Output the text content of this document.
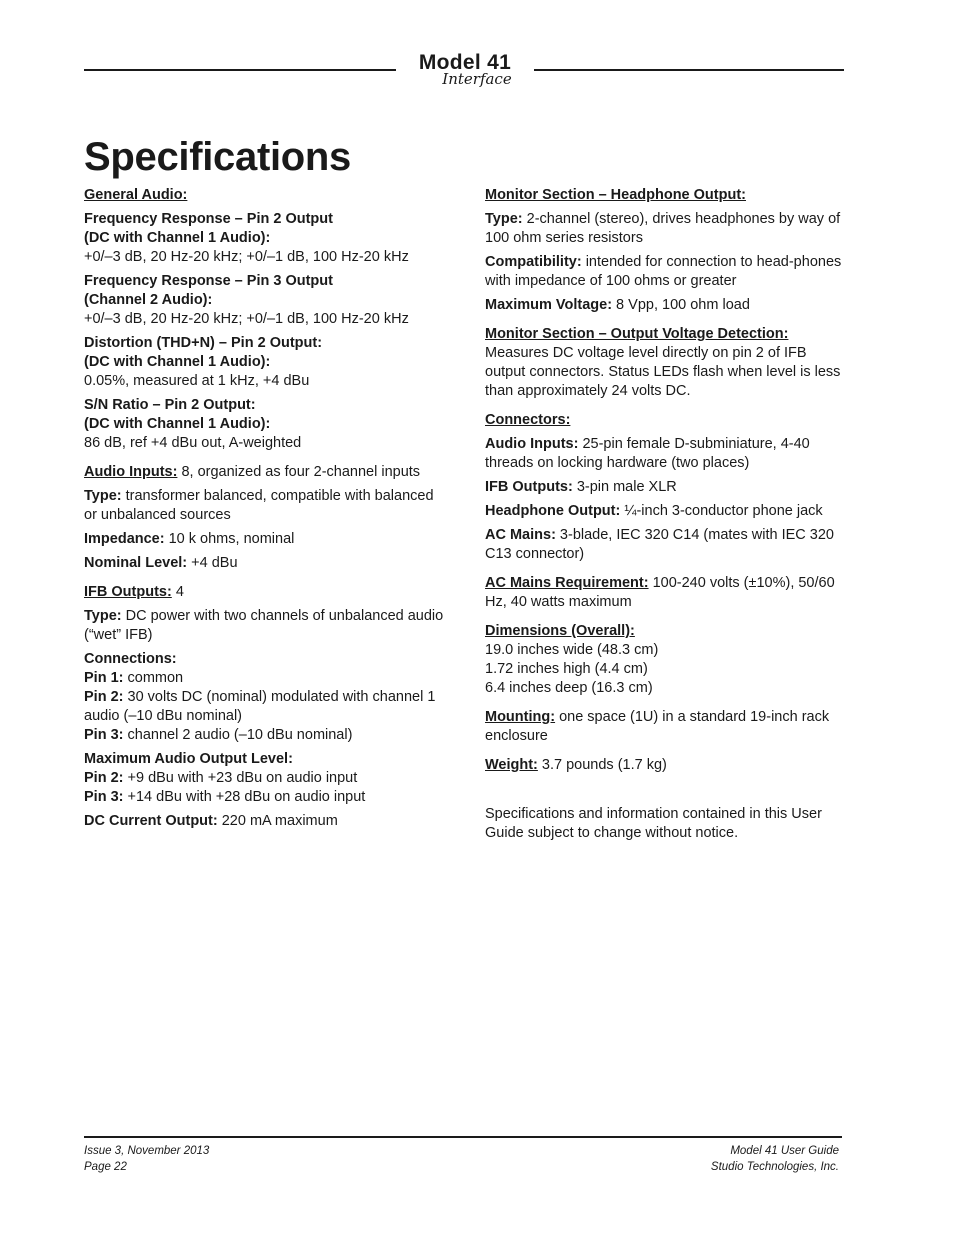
Model 41
Interface
Specifications

General Audio:

Frequency Response – Pin 2 Output
(DC with Channel 1 Audio):
+0/–3 dB, 20 Hz-20 kHz; +0/–1 dB, 100 Hz-20 kHz

Frequency Response – Pin 3 Output
(Channel 2 Audio):
+0/–3 dB, 20 Hz-20 kHz; +0/–1 dB, 100 Hz-20 kHz

Distortion (THD+N) – Pin 2 Output:
(DC with Channel 1 Audio):
0.05%, measured at 1 kHz, +4 dBu

S/N Ratio – Pin 2 Output:
(DC with Channel 1 Audio):
86 dB, ref +4 dBu out, A-weighted

Audio Inputs: 8, organized as four 2-channel inputs

Type: transformer balanced, compatible with balanced or unbalanced sources

Impedance: 10 k ohms, nominal

Nominal Level: +4 dBu

IFB Outputs: 4

Type: DC power with two channels of unbalanced audio (“wet” IFB)

Connections:
Pin 1: common
Pin 2: 30 volts DC (nominal) modulated with channel 1 audio (–10 dBu nominal)
Pin 3: channel 2 audio (–10 dBu nominal)

Maximum Audio Output Level:
Pin 2: +9 dBu with +23 dBu on audio input
Pin 3: +14 dBu with +28 dBu on audio input

DC Current Output: 220 mA maximum

Monitor Section – Headphone Output:

Type: 2-channel (stereo), drives headphones by way of 100 ohm series resistors

Compatibility: intended for connection to head-phones with impedance of 100 ohms or greater

Maximum Voltage: 8 Vpp, 100 ohm load

Monitor Section – Output Voltage Detection:
Measures DC voltage level directly on pin 2 of IFB output connectors. Status LEDs flash when level is less than approximately 24 volts DC.

Connectors:

Audio Inputs: 25-pin female D-subminiature, 4-40 threads on locking hardware (two places)

IFB Outputs: 3-pin male XLR

Headphone Output: ¼-inch 3-conductor phone jack

AC Mains: 3-blade, IEC 320 C14 (mates with IEC 320 C13 connector)

AC Mains Requirement: 100-240 volts (±10%), 50/60 Hz, 40 watts maximum

Dimensions (Overall):
19.0 inches wide (48.3 cm)
1.72 inches high (4.4 cm)
6.4 inches deep (16.3 cm)

Mounting: one space (1U) in a standard 19-inch rack enclosure

Weight: 3.7 pounds (1.7 kg)

Specifications and information contained in this User Guide subject to change without notice.

Issue 3, November 2013
Page 22
Model 41 User Guide
Studio Technologies, Inc.
